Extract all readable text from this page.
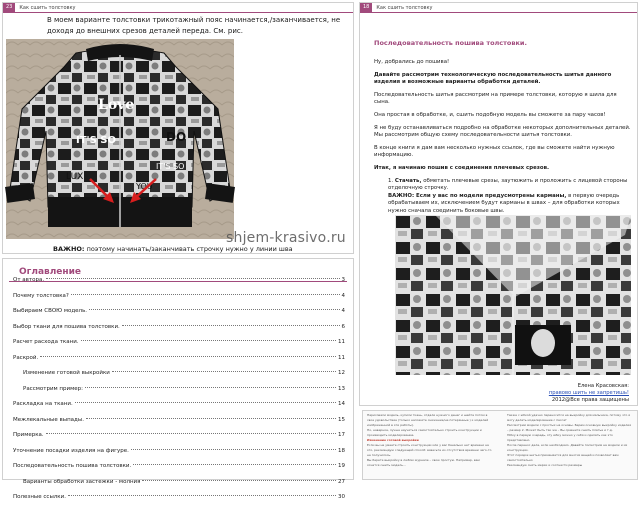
23	Как сшить толстовку
В моем варианте толстовки трикотажный пояс начинается,/заканчивается, не доходя до внешних срезов деталей переда. См. рис.
Love
IT'S SO	DO
LUX
IT'S SO
YOU
ВАЖНО: поэтому начинать/заканчивать строчку нужно у линии шва
18	Как сшить толстовку
Последовательность пошива толстовки.

Ну, добрались до пошива!

Давайте рассмотрим технологическую последовательность шитья данного изделия и возможные варианты обработки деталей.

Последовательность шитья рассмотрим на примере толстовки, которую я шила для сына.

Она простая в обработке, и, сшить подобную модель вы сможете за пару часов!

Я не буду останавливаться подробно на обработке некоторых дополнительных деталей. Мы рассмотрим общую схему последовательности шитья толстовки.

В конце книги я дам вам несколько нужных ссылок, где вы сможете найти нужную информацию.

Итак, я начинаю пошив с соединения плечевых срезов.

1. Стачать, обметать плечевые срезы, заутюжить и проложить с лицевой стороны отделочную строчку.
ВАЖНО: Если у вас по модели предусмотрены карманы, в первую очередь обрабатываем их, исключением будут карманы в швах – для обработки которых нужно сначала соединить боковые швы.
Елена Красовская:
правово шить не запретишь!
2012@Все права защищены
Оглавление
От автора.	3
Почему толстовка?	4
Выбираем СВОЮ модель.	4
Выбор ткани для пошива толстовки.	6
Расчет расхода ткани.	11
Раскрой.	11
Изменение готовой выкройки	12
Рассмотрим пример:	13
Раскладка на ткани.	14
Межлекальные выпады.	15
Примерка.	17
Уточнение посадки изделия на фигуре.	18
Последовательность пошива толстовки.	19
Варианты обработки застежки - молния	27
Полезные ссылки.	30
Нарисовали модель, купили ткань, отдали нужного денег и шейте потом в свое удовольствие (только наложите снижение/не потерянные ) к моделей изображенной в эти работы).
Но, наверное, лучше научиться самостоятельно строить конструкции и производить моделирование.
Изменение готовой выкройки
Если вы не умеете строить конструкции или у вас банально нет времени на это, рекомендую следующий способ: взвесьте из отсутствия времени чего-то не получилось.
Вы берете выкройку в любом журнале – свою простую. Например, вам хочется сшить модель...
Также с юбкой удачно переносится на выкройку для мальчика, потому что я могу делать моделирование с пассат
Рассмотрим модели с простых на основы. Берем основную выкройку изделия – размер 2. Может быть так же – Вы сравните сшить платье и т.д.
Юбку в первую очередь, эту юбку можно у себя и сделать как это представлено.
После перенос дела, если необходимо. Давайте посмотрим на модели и их конструкции.
Этот порядок шитья применяется для многих вещей и позволяет вам самостоятельно
Рекомендую снять мерки и соотнести размеры
shjem-krasivo.ru
